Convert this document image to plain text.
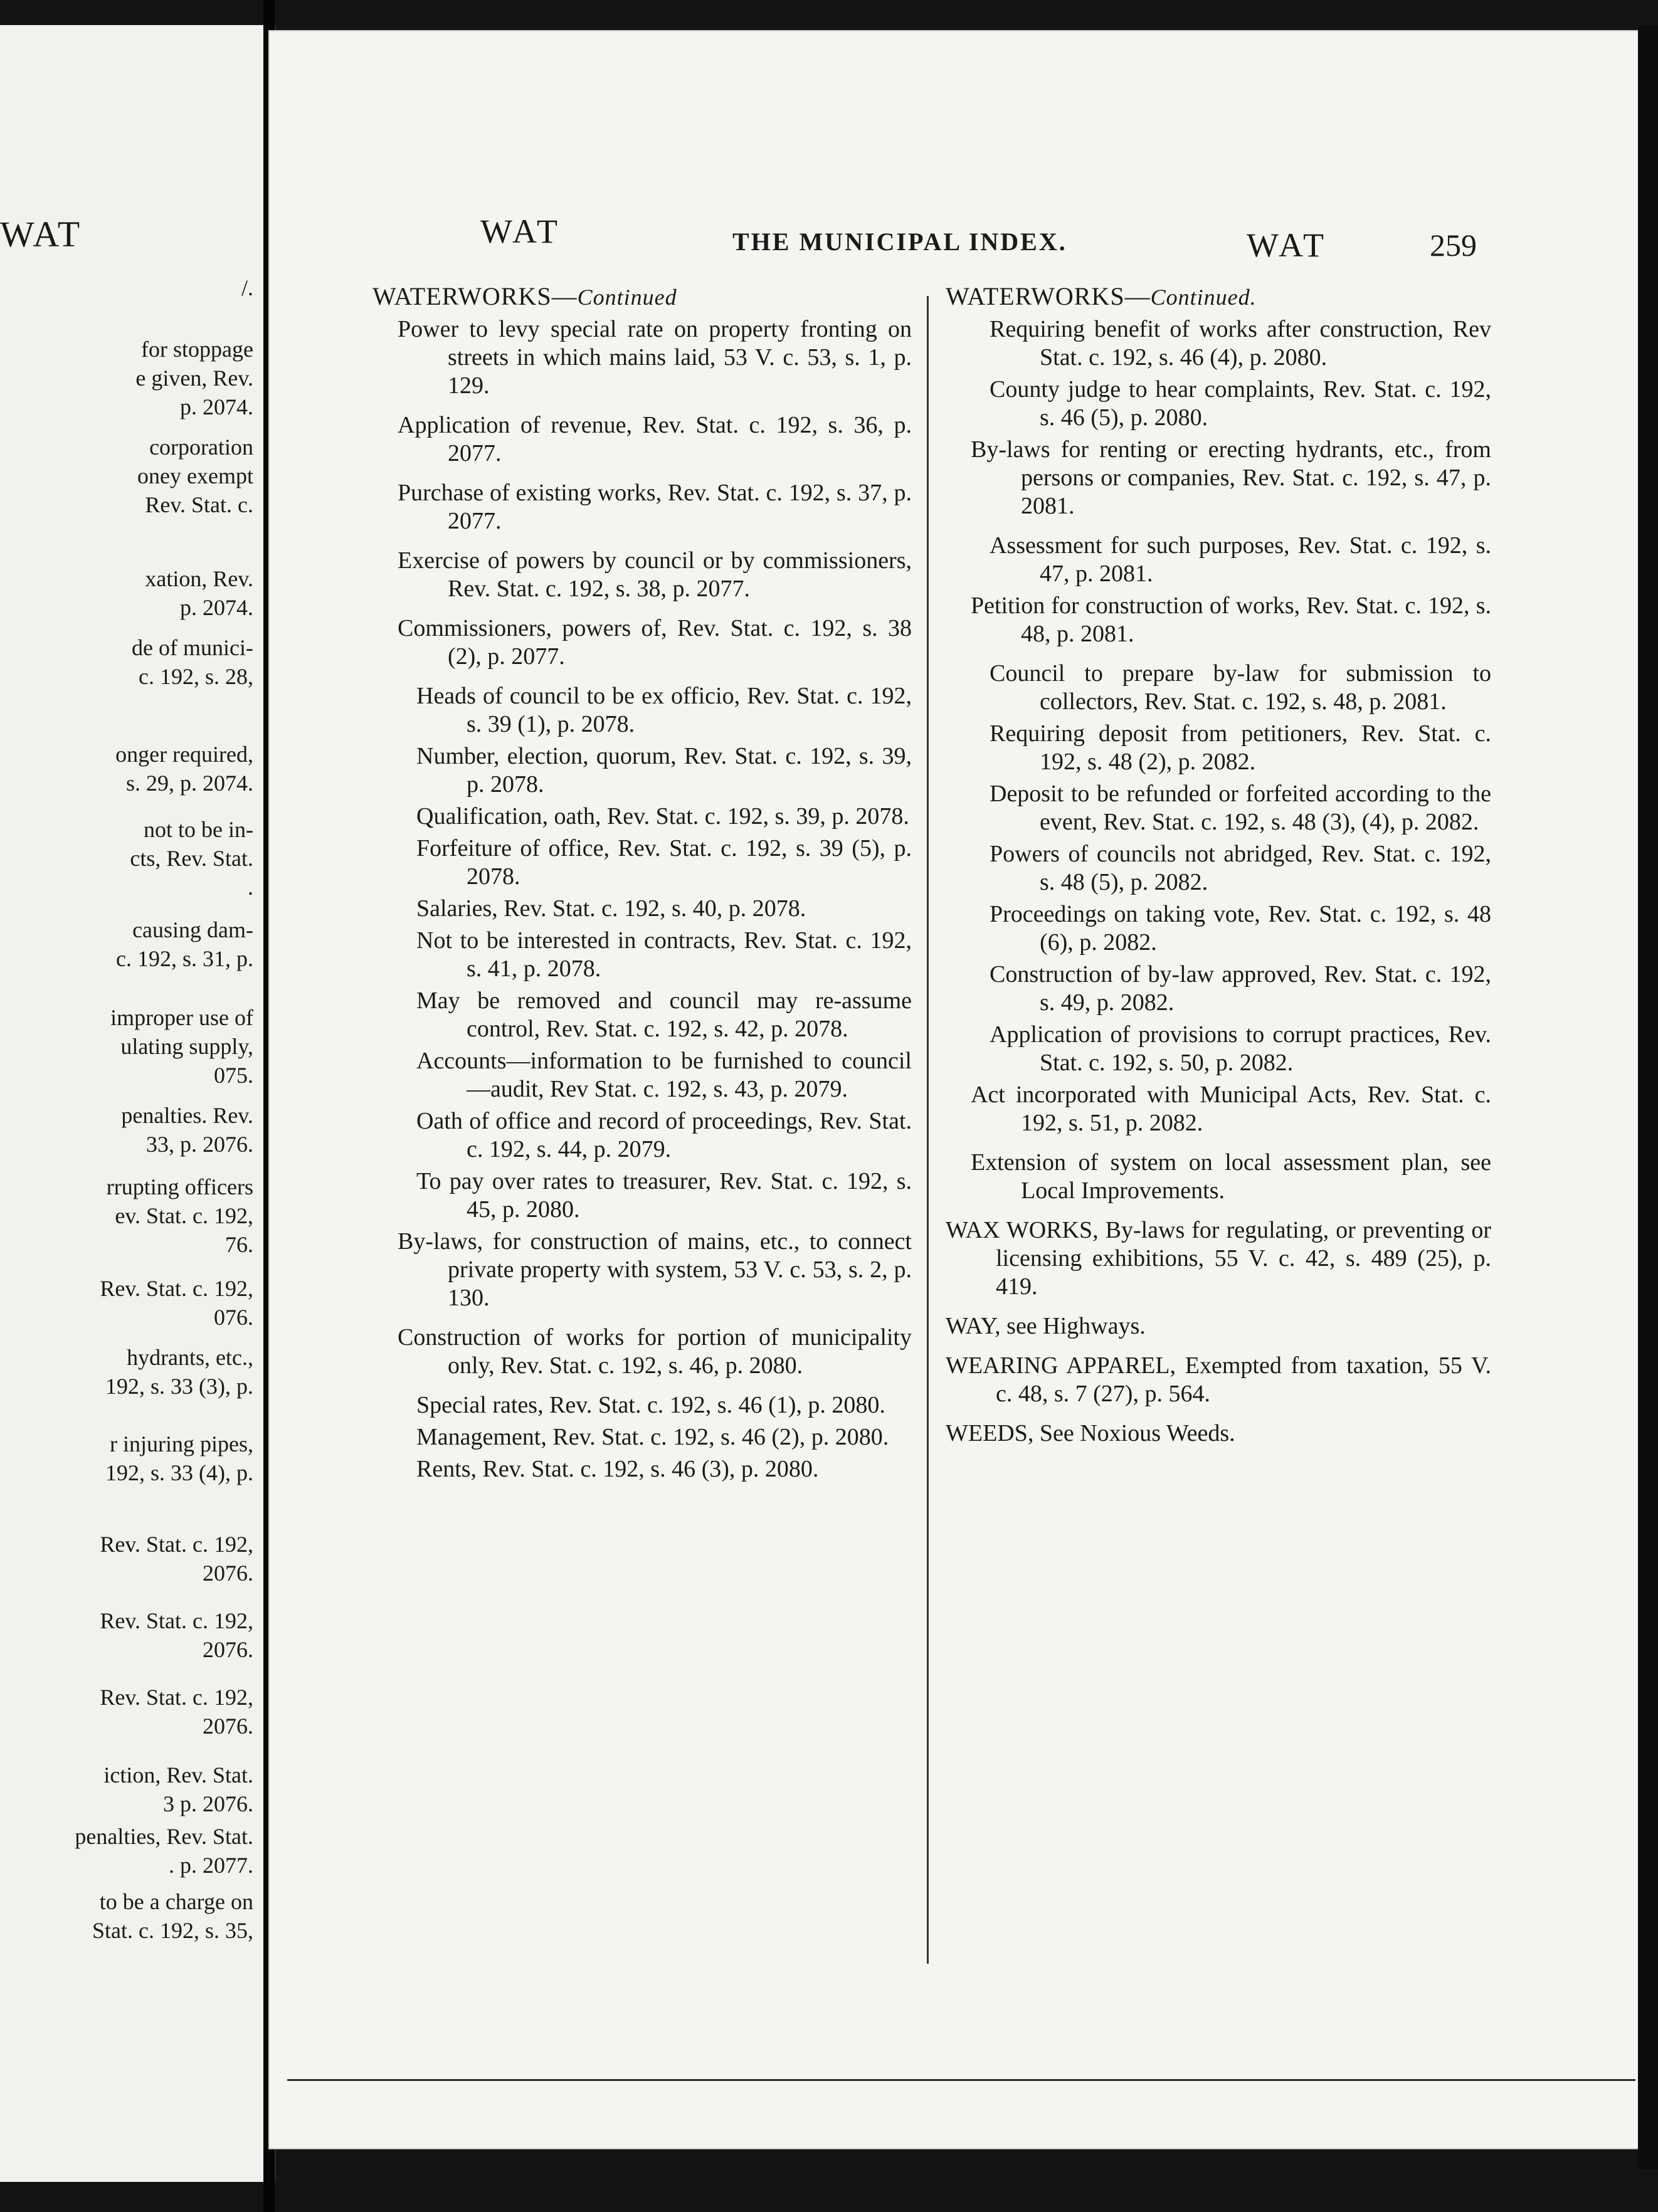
WAT
/.
for stoppage
e given, Rev.
p. 2074.
corporation
oney exempt
Rev. Stat. c.
xation, Rev.
p. 2074.
de of munici-
c. 192, s. 28,
onger required,
s. 29, p. 2074.
not to be in-
cts, Rev. Stat.
.
causing dam-
c. 192, s. 31, p.
improper use of
ulating supply,
075.
penalties. Rev.
33, p. 2076.
rrupting officers
ev. Stat. c. 192,
76.
Rev. Stat. c. 192,
076.
hydrants, etc.,
192, s. 33 (3), p.
r injuring pipes,
192, s. 33 (4), p.
Rev. Stat. c. 192,
2076.
Rev. Stat. c. 192,
2076.
Rev. Stat. c. 192,
2076.
iction, Rev. Stat.
3 p. 2076.
penalties, Rev. Stat.
. p. 2077.
to be a charge on
Stat. c. 192, s. 35,
WAT	THE MUNICIPAL INDEX.	WAT	259
WATERWORKS—Continued
Power to levy special rate on property fronting on streets in which mains laid, 53 V. c. 53, s. 1, p. 129.
Application of revenue, Rev. Stat. c. 192, s. 36, p. 2077.
Purchase of existing works, Rev. Stat. c. 192, s. 37, p. 2077.
Exercise of powers by council or by commissioners, Rev. Stat. c. 192, s. 38, p. 2077.
Commissioners, powers of, Rev. Stat. c. 192, s. 38 (2), p. 2077.
Heads of council to be ex officio, Rev. Stat. c. 192, s. 39 (1), p. 2078.
Number, election, quorum, Rev. Stat. c. 192, s. 39, p. 2078.
Qualification, oath, Rev. Stat. c. 192, s. 39, p. 2078.
Forfeiture of office, Rev. Stat. c. 192, s. 39 (5), p. 2078.
Salaries, Rev. Stat. c. 192, s. 40, p. 2078.
Not to be interested in contracts, Rev. Stat. c. 192, s. 41, p. 2078.
May be removed and council may re-assume control, Rev. Stat. c. 192, s. 42, p. 2078.
Accounts—information to be furnished to council—audit, Rev Stat. c. 192, s. 43, p. 2079.
Oath of office and record of proceedings, Rev. Stat. c. 192, s. 44, p. 2079.
To pay over rates to treasurer, Rev. Stat. c. 192, s. 45, p. 2080.
By-laws, for construction of mains, etc., to connect private property with system, 53 V. c. 53, s. 2, p. 130.
Construction of works for portion of municipality only, Rev. Stat. c. 192, s. 46, p. 2080.
Special rates, Rev. Stat. c. 192, s. 46 (1), p. 2080.
Management, Rev. Stat. c. 192, s. 46 (2), p. 2080.
Rents, Rev. Stat. c. 192, s. 46 (3), p. 2080.
WATERWORKS—Continued.
Requiring benefit of works after construction, Rev Stat. c. 192, s. 46 (4), p. 2080.
County judge to hear complaints, Rev. Stat. c. 192, s. 46 (5), p. 2080.
By-laws for renting or erecting hydrants, etc., from persons or companies, Rev. Stat. c. 192, s. 47, p. 2081.
Assessment for such purposes, Rev. Stat. c. 192, s. 47, p. 2081.
Petition for construction of works, Rev. Stat. c. 192, s. 48, p. 2081.
Council to prepare by-law for submission to collectors, Rev. Stat. c. 192, s. 48, p. 2081.
Requiring deposit from petitioners, Rev. Stat. c. 192, s. 48 (2), p. 2082.
Deposit to be refunded or forfeited according to the event, Rev. Stat. c. 192, s. 48 (3), (4), p. 2082.
Powers of councils not abridged, Rev. Stat. c. 192, s. 48 (5), p. 2082.
Proceedings on taking vote, Rev. Stat. c. 192, s. 48 (6), p. 2082.
Construction of by-law approved, Rev. Stat. c. 192, s. 49, p. 2082.
Application of provisions to corrupt practices, Rev. Stat. c. 192, s. 50, p. 2082.
Act incorporated with Municipal Acts, Rev. Stat. c. 192, s. 51, p. 2082.
Extension of system on local assessment plan, see Local Improvements.
WAX WORKS, By-laws for regulating, or preventing or licensing exhibitions, 55 V. c. 42, s. 489 (25), p. 419.
WAY, see Highways.
WEARING APPAREL, Exempted from taxation, 55 V. c. 48, s. 7 (27), p. 564.
WEEDS, See Noxious Weeds.
